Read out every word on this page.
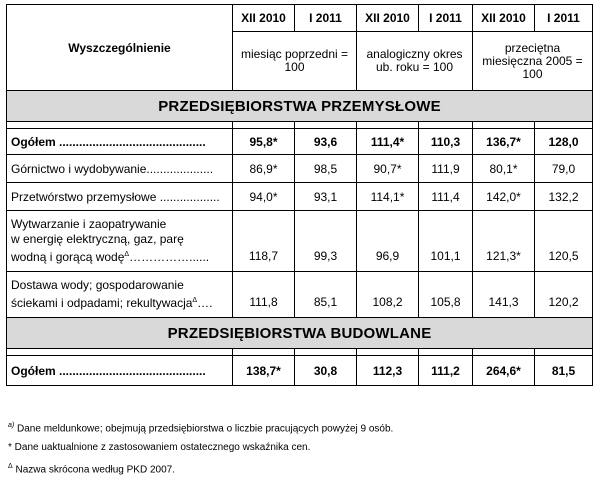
Wyszczególnienie	XII 2010	I 2011	XII 2010	I 2011	XII 2010	I 2011
	miesiąc poprzedni = 100		analogiczny okres ub. roku = 100		przeciętna miesięczna 2005 = 100	
PRZEDSIĘBIORSTWA PRZEMYSŁOWE						

Ogółem ............................................	95,8*	93,6	111,4*	110,3	136,7*	128,0
Górnictwo i wydobywanie....................	86,9*	98,5	90,7*	111,9	80,1*	79,0
Przetwórstwo przemysłowe ..................	94,0*	93,1	114,1*	111,4	142,0*	132,2
Wytwarzanie i zaopatrywanie
w energię elektryczną, gaz, parę
wodną i gorącą wodę$^\Delta$……………......	118,7	99,3	96,9	101,1	121,3*	120,5
Dostawa wody; gospodarowanie
ściekami i odpadami; rekultywacja$^\Delta$….	111,8	85,1	108,2	105,8	141,3	120,2
PRZEDSIĘBIORSTWA BUDOWLANE						

Ogółem ............................................	138,7*	30,8	112,3	111,2	264,6*	81,5
$^{a)}$ Dane meldunkowe; obejmują przedsiębiorstwa o liczbie pracujących powyżej 9 osób.
* Dane uaktualnione z zastosowaniem ostatecznego wskaźnika cen.
$^\Delta$ Nazwa skrócona według PKD 2007.
